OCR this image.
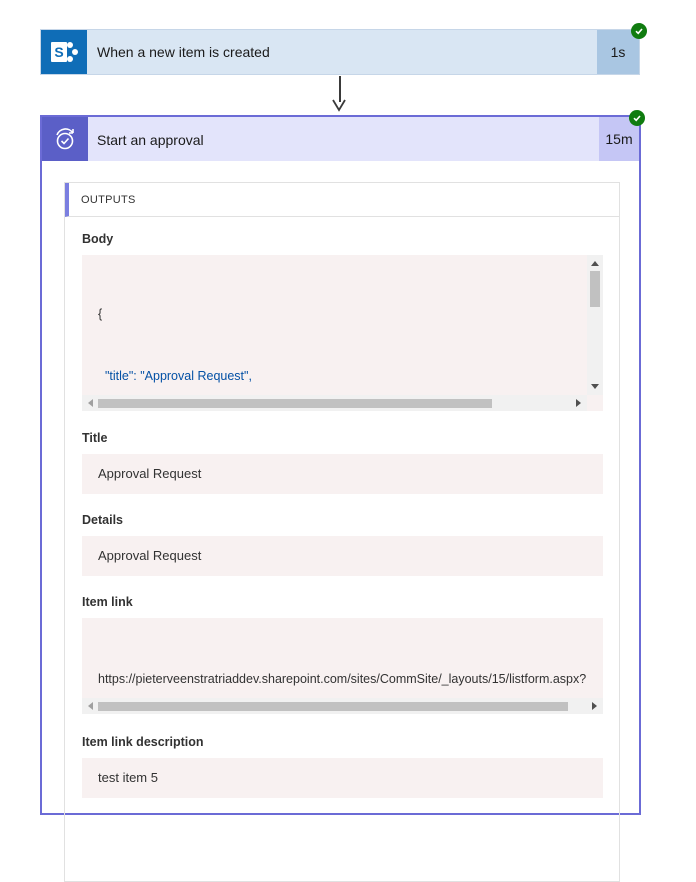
S When a new item is created	1s
Start an approval	15m
OUTPUTS
Body

{

"title": "Approval Request",

Title
Approval Request
Details
Approval Request
Item link

https://pieterveenstratriaddev.sharepoint.com/sites/CommSite/_layouts/15/listform.aspx?

Item link description
test item 5
